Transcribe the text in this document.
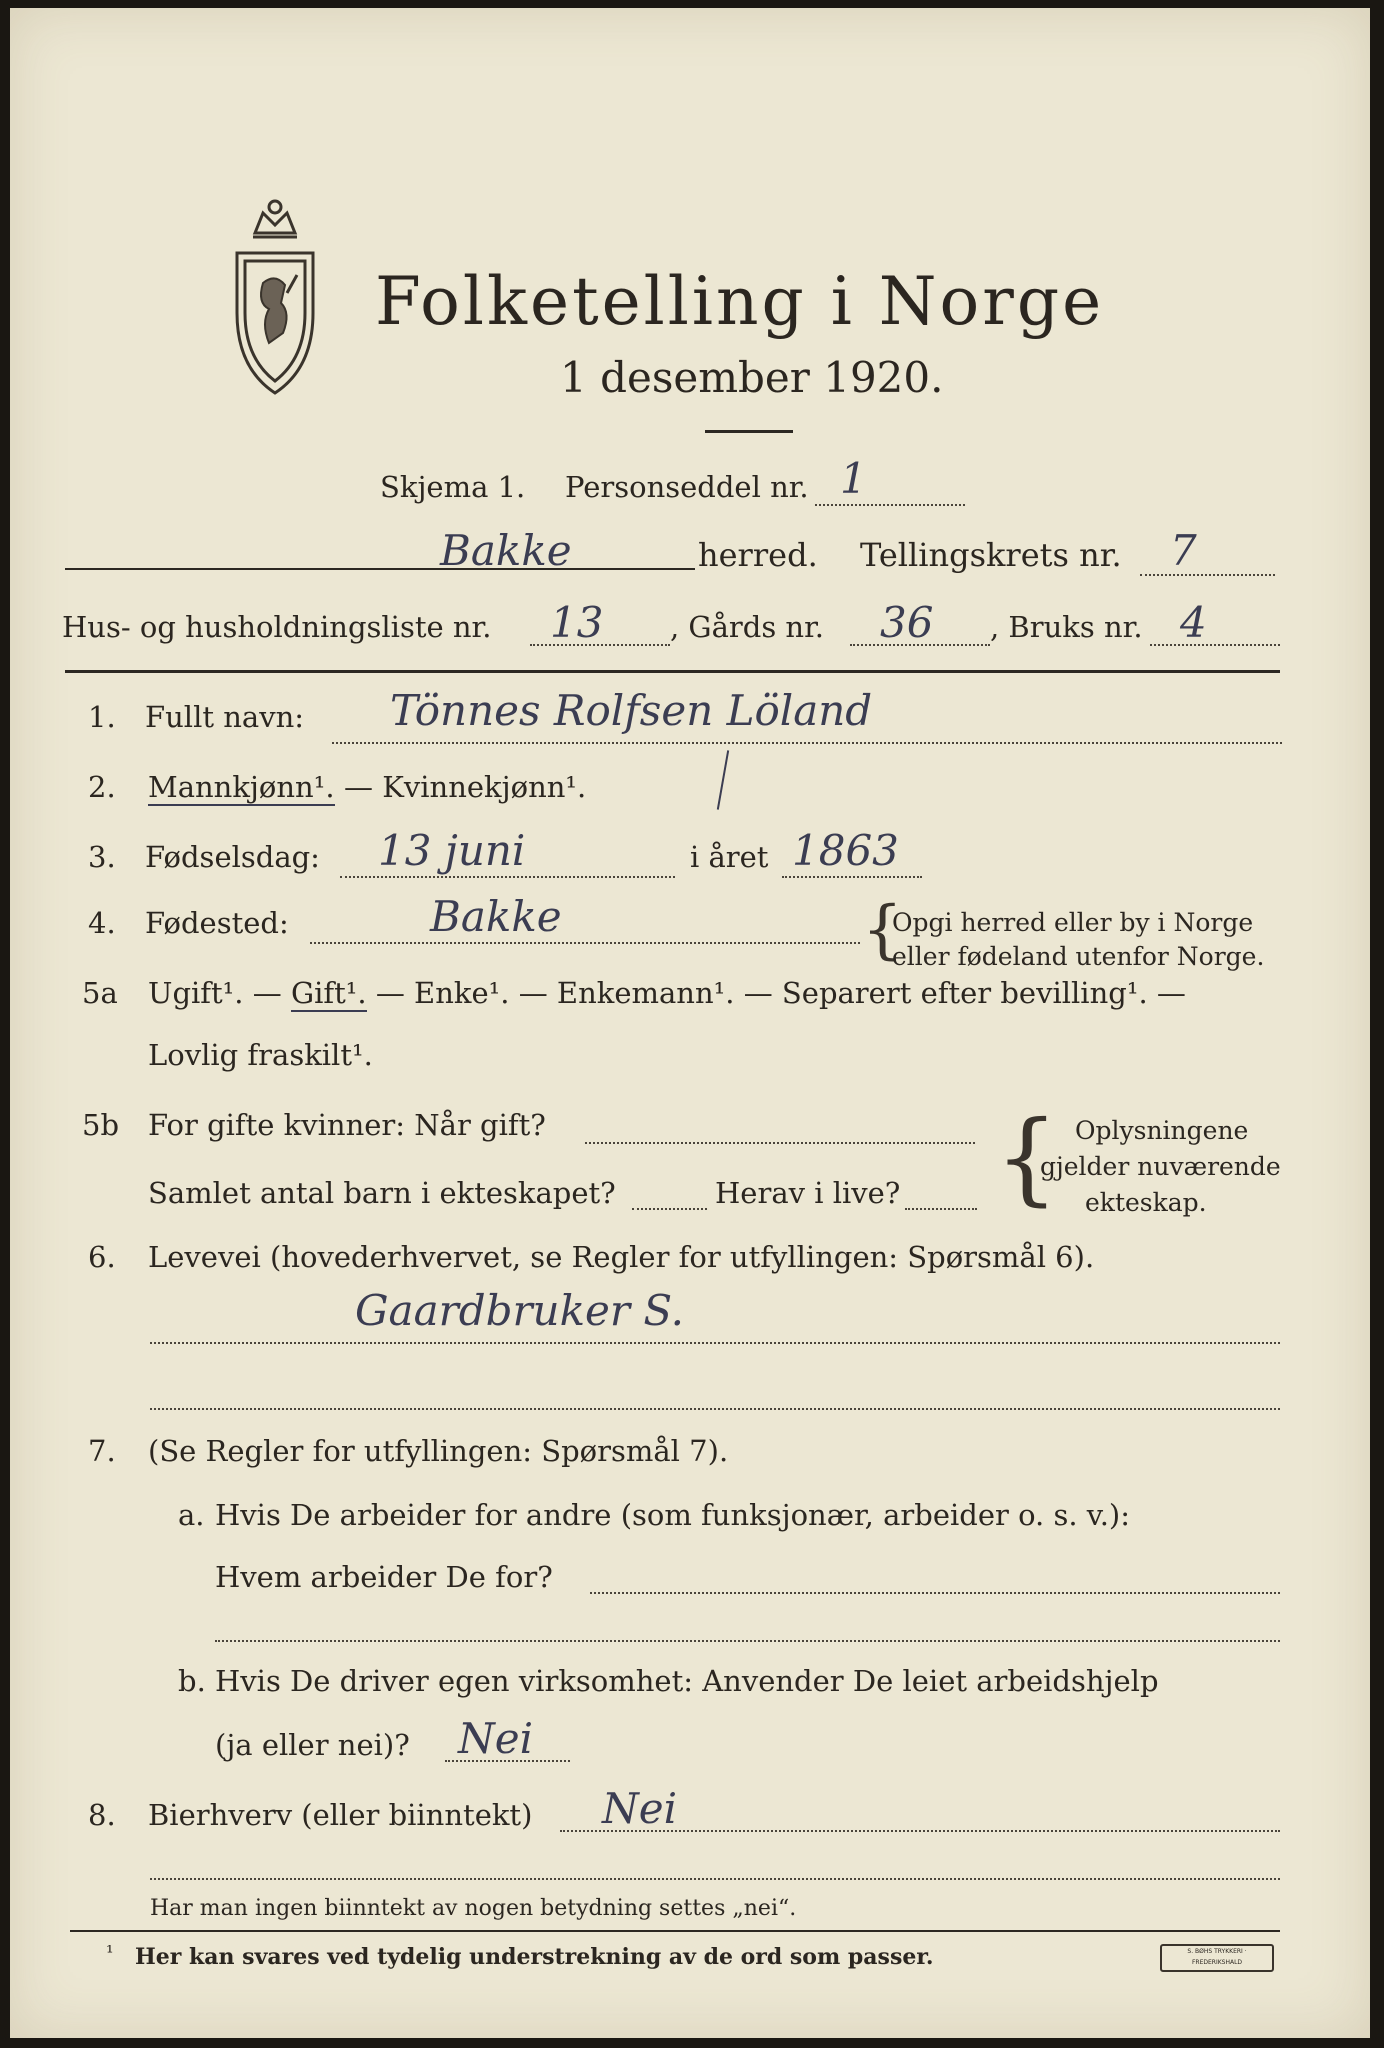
Folketelling i Norge
1 desember 1920.
Skjema 1. Personseddel nr. 1
Bakke	herred. Tellingskrets nr. 7
Hus- og husholdningsliste nr. 13 , Gårds nr. 36 , Bruks nr. 4
1. Fullt navn: Tönnes Rolfsen Löland
2. Mannkjønn¹. — Kvinnekjønn¹.
3. Fødselsdag: 13 juni	i året 1863
4. Fødested:	Bakke	{
Opgi herred eller by i Norge
eller fødeland utenfor Norge.
5a Ugift¹. — Gift¹. — Enke¹. — Enkemann¹. — Separert efter bevilling¹. —
Lovlig fraskilt¹.
5b For gifte kvinner: Når gift?
Samlet antal barn i ekteskapet?	Herav i live? { Oplysningene
gjelder nuværende
ekteskap.
6. Levevei (hovederhvervet, se Regler for utfyllingen: Spørsmål 6).
Gaardbruker S.
7. (Se Regler for utfyllingen: Spørsmål 7).
a. Hvis De arbeider for andre (som funksjonær, arbeider o. s. v.):
Hvem arbeider De for?
b. Hvis De driver egen virksomhet: Anvender De leiet arbeidshjelp
(ja eller nei)? Nei
8. Bierhverv (eller biinntekt) Nei
Har man ingen biinntekt av nogen betydning settes „nei“.
¹ Her kan svares ved tydelig understrekning av de ord som passer.	S. BØHS TRYKKERI · FREDERIKSHALD
